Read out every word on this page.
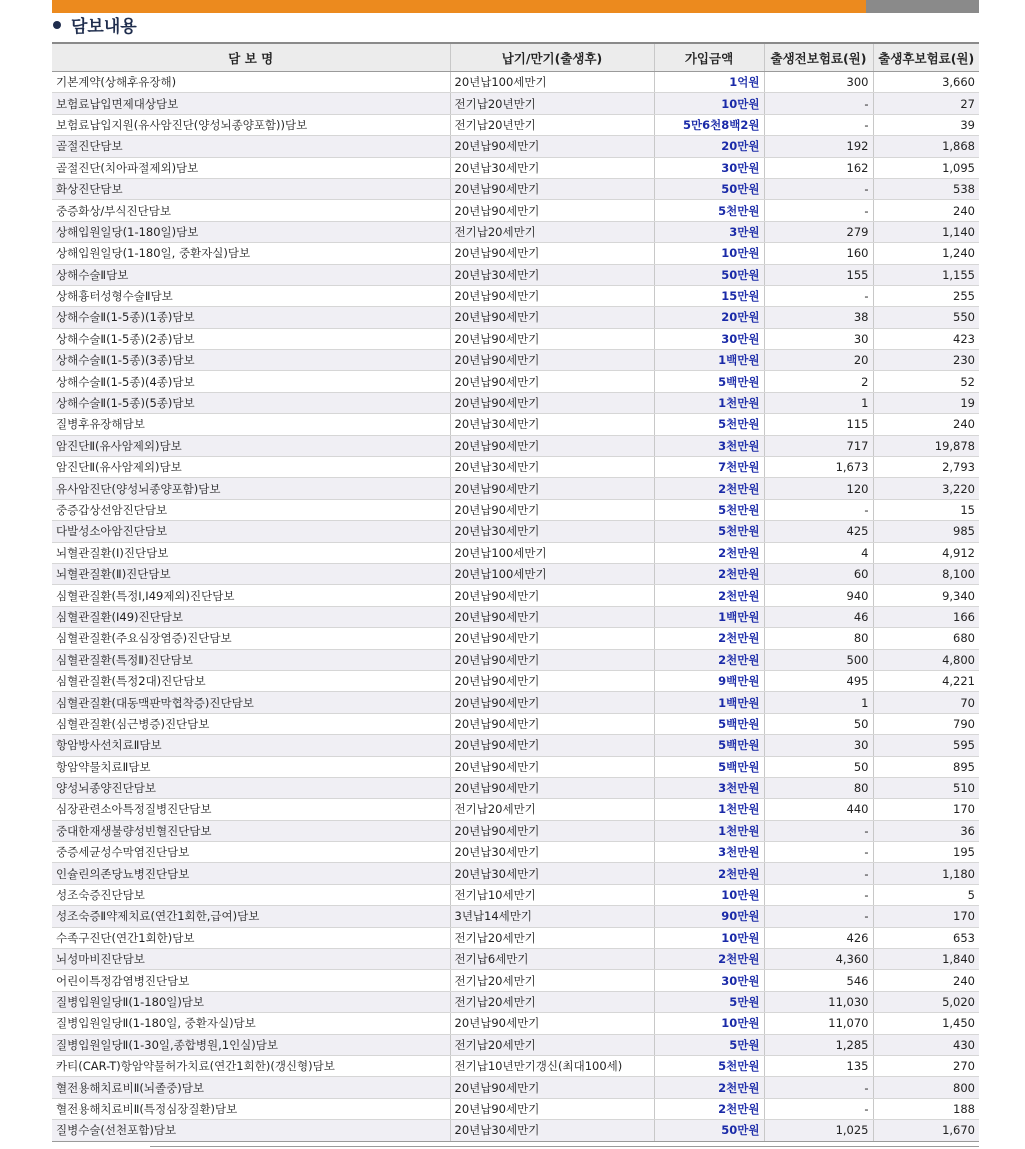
담보내용
담 보 명	납기/만기(출생후)	가입금액	출생전보험료(원)	출생후보험료(원)
기본계약(상해후유장해)	20년납100세만기	1억원	300	3,660
보험료납입면제대상담보	전기납20년만기	10만원	-	27
보험료납입지원(유사암진단(양성뇌종양포함))담보	전기납20년만기	5만6천8백2원	-	39
골절진단담보	20년납90세만기	20만원	192	1,868
골절진단(치아파절제외)담보	20년납30세만기	30만원	162	1,095
화상진단담보	20년납90세만기	50만원	-	538
중증화상/부식진단담보	20년납90세만기	5천만원	-	240
상해입원일당(1-180일)담보	전기납20세만기	3만원	279	1,140
상해입원일당(1-180일, 중환자실)담보	20년납90세만기	10만원	160	1,240
상해수술Ⅱ담보	20년납30세만기	50만원	155	1,155
상해흉터성형수술Ⅱ담보	20년납90세만기	15만원	-	255
상해수술Ⅱ(1-5종)(1종)담보	20년납90세만기	20만원	38	550
상해수술Ⅱ(1-5종)(2종)담보	20년납90세만기	30만원	30	423
상해수술Ⅱ(1-5종)(3종)담보	20년납90세만기	1백만원	20	230
상해수술Ⅱ(1-5종)(4종)담보	20년납90세만기	5백만원	2	52
상해수술Ⅱ(1-5종)(5종)담보	20년납90세만기	1천만원	1	19
질병후유장해담보	20년납30세만기	5천만원	115	240
암진단Ⅱ(유사암제외)담보	20년납90세만기	3천만원	717	19,878
암진단Ⅱ(유사암제외)담보	20년납30세만기	7천만원	1,673	2,793
유사암진단(양성뇌종양포함)담보	20년납90세만기	2천만원	120	3,220
중증갑상선암진단담보	20년납90세만기	5천만원	-	15
다발성소아암진단담보	20년납30세만기	5천만원	425	985
뇌혈관질환(Ⅰ)진단담보	20년납100세만기	2천만원	4	4,912
뇌혈관질환(Ⅱ)진단담보	20년납100세만기	2천만원	60	8,100
심혈관질환(특정Ⅰ,I49제외)진단담보	20년납90세만기	2천만원	940	9,340
심혈관질환(I49)진단담보	20년납90세만기	1백만원	46	166
심혈관질환(주요심장염증)진단담보	20년납90세만기	2천만원	80	680
심혈관질환(특정Ⅱ)진단담보	20년납90세만기	2천만원	500	4,800
심혈관질환(특정2대)진단담보	20년납90세만기	9백만원	495	4,221
심혈관질환(대동맥판막협착증)진단담보	20년납90세만기	1백만원	1	70
심혈관질환(심근병증)진단담보	20년납90세만기	5백만원	50	790
항암방사선치료Ⅱ담보	20년납90세만기	5백만원	30	595
항암약물치료Ⅱ담보	20년납90세만기	5백만원	50	895
양성뇌종양진단담보	20년납90세만기	3천만원	80	510
심장관련소아특정질병진단담보	전기납20세만기	1천만원	440	170
중대한재생불량성빈혈진단담보	20년납90세만기	1천만원	-	36
중증세균성수막염진단담보	20년납30세만기	3천만원	-	195
인슐린의존당뇨병진단담보	20년납30세만기	2천만원	-	1,180
성조숙증진단담보	전기납10세만기	10만원	-	5
성조숙증Ⅱ약제치료(연간1회한,급여)담보	3년납14세만기	90만원	-	170
수족구진단(연간1회한)담보	전기납20세만기	10만원	426	653
뇌성마비진단담보	전기납6세만기	2천만원	4,360	1,840
어린이특정감염병진단담보	전기납20세만기	30만원	546	240
질병입원일당Ⅱ(1-180일)담보	전기납20세만기	5만원	11,030	5,020
질병입원일당Ⅱ(1-180일, 중환자실)담보	20년납90세만기	10만원	11,070	1,450
질병입원일당Ⅱ(1-30일,종합병원,1인실)담보	전기납20세만기	5만원	1,285	430
카티(CAR-T)항암약물허가치료(연간1회한)(갱신형)담보	전기납10년만기갱신(최대100세)	5천만원	135	270
혈전용해치료비Ⅱ(뇌졸중)담보	20년납90세만기	2천만원	-	800
혈전용해치료비Ⅱ(특정심장질환)담보	20년납90세만기	2천만원	-	188
질병수술(선천포함)담보	20년납30세만기	50만원	1,025	1,670
